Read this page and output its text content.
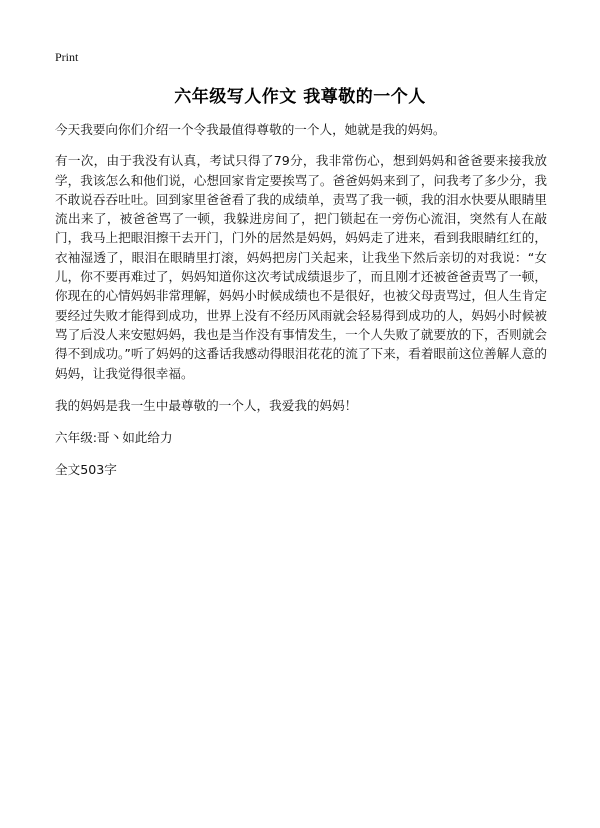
Print
六年级写人作文 我尊敬的一个人

今天我要向你们介绍一个令我最值得尊敬的一个人，她就是我的妈妈。

有一次，由于我没有认真，考试只得了79分，我非常伤心，想到妈妈和爸爸要来接我放学，我该怎么和他们说，心想回家肯定要挨骂了。爸爸妈妈来到了，问我考了多少分，我不敢说吞吞吐吐。回到家里爸爸看了我的成绩单，责骂了我一顿，我的泪水快要从眼睛里流出来了，被爸爸骂了一顿，我躲进房间了，把门锁起在一旁伤心流泪，突然有人在敲门，我马上把眼泪擦干去开门，门外的居然是妈妈，妈妈走了进来，看到我眼睛红红的，衣袖湿透了，眼泪在眼睛里打滚，妈妈把房门关起来，让我坐下然后亲切的对我说：“女儿，你不要再难过了，妈妈知道你这次考试成绩退步了，而且刚才还被爸爸责骂了一顿，你现在的心情妈妈非常理解，妈妈小时候成绩也不是很好，也被父母责骂过，但人生肯定要经过失败才能得到成功，世界上没有不经历风雨就会轻易得到成功的人，妈妈小时候被骂了后没人来安慰妈妈，我也是当作没有事情发生，一个人失败了就要放的下，否则就会得不到成功。”听了妈妈的这番话我感动得眼泪花花的流了下来，看着眼前这位善解人意的妈妈，让我觉得很幸福。

我的妈妈是我一生中最尊敬的一个人，我爱我的妈妈！

六年级:哥丶如此给力

全文503字
